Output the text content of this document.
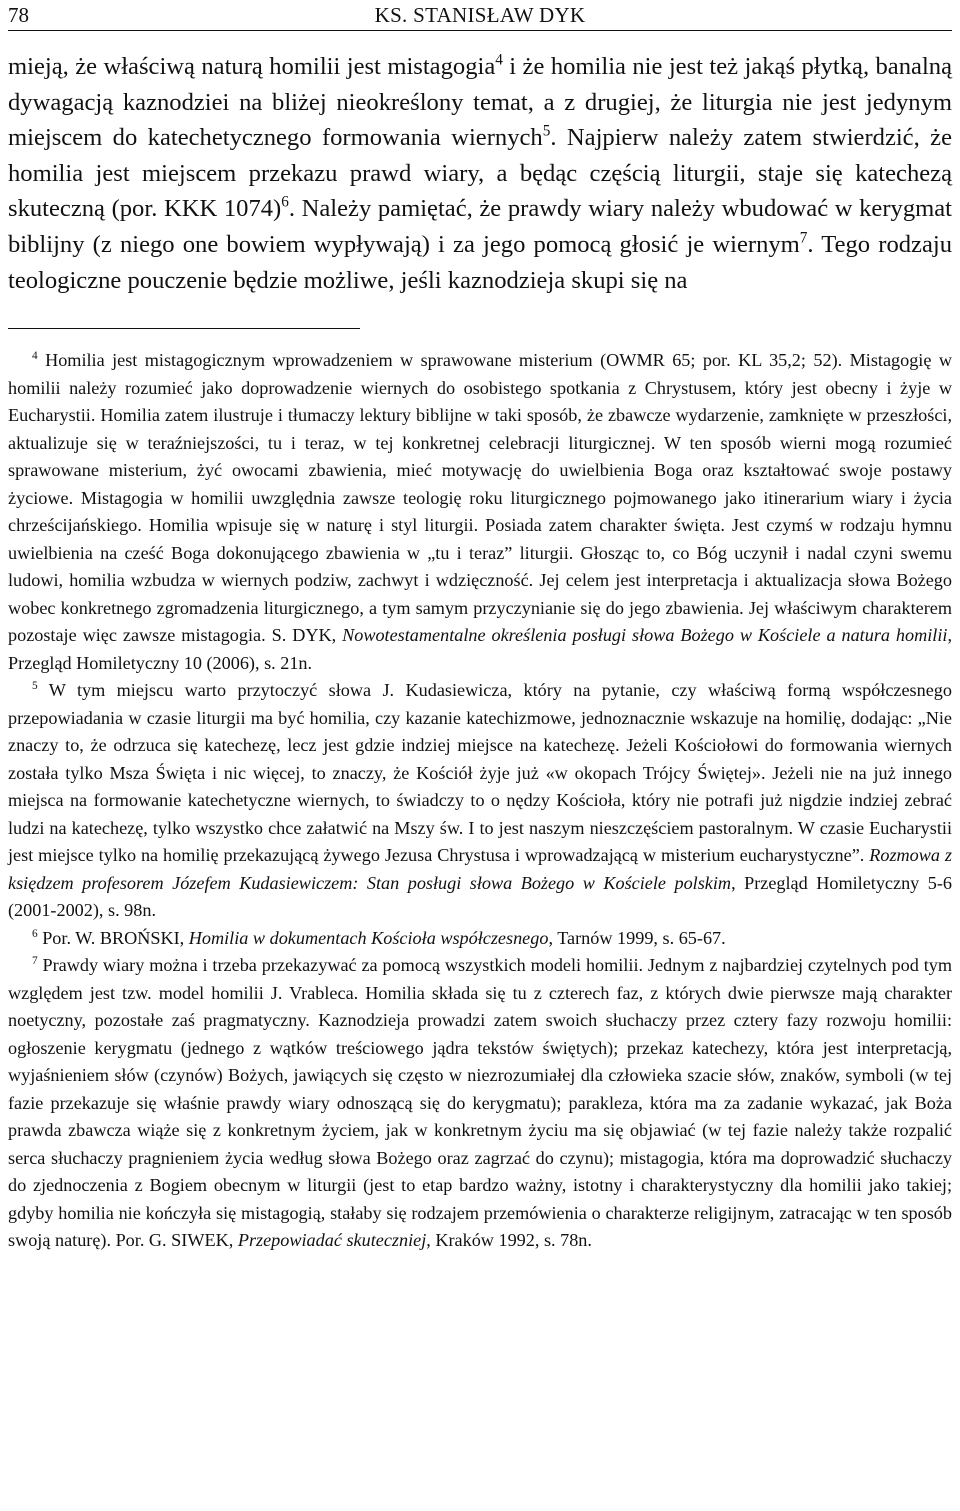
78	KS. STANISŁAW DYK

mieją, że właściwą naturą homilii jest mistagogia$^4$ i że homilia nie jest też jakąś płytką, banalną dywagacją kaznodziei na bliżej nieokreślony temat, a z drugiej, że liturgia nie jest jedynym miejscem do katechetycznego formowania wiernych$^5$. Najpierw należy zatem stwierdzić, że homilia jest miejscem przekazu prawd wiary, a będąc częścią liturgii, staje się katechezą skuteczną (por. KKK 1074)$^6$. Należy pamiętać, że prawdy wiary należy wbudować w kerygmat biblijny (z niego one bowiem wypływają) i za jego pomocą głosić je wiernym$^7$. Tego rodzaju teologiczne pouczenie będzie możliwe, jeśli kaznodzieja skupi się na

$^4$ Homilia jest mistagogicznym wprowadzeniem w sprawowane misterium (OWMR 65; por. KL 35,2; 52). Mistagogię w homilii należy rozumieć jako doprowadzenie wiernych do osobistego spotkania z Chrystusem, który jest obecny i żyje w Eucharystii. Homilia zatem ilustruje i tłumaczy lektury biblijne w taki sposób, że zbawcze wydarzenie, zamknięte w przeszłości, aktualizuje się w teraźniejszości, tu i teraz, w tej konkretnej celebracji liturgicznej. W ten sposób wierni mogą rozumieć sprawowane misterium, żyć owocami zbawienia, mieć motywację do uwielbienia Boga oraz kształtować swoje postawy życiowe. Mistagogia w homilii uwzględnia zawsze teologię roku liturgicznego pojmowanego jako itinerarium wiary i życia chrześcijańskiego. Homilia wpisuje się w naturę i styl liturgii. Posiada zatem charakter święta. Jest czymś w rodzaju hymnu uwielbienia na cześć Boga dokonującego zbawienia w „tu i teraz” liturgii. Głosząc to, co Bóg uczynił i nadal czyni swemu ludowi, homilia wzbudza w wiernych podziw, zachwyt i wdzięczność. Jej celem jest interpretacja i aktualizacja słowa Bożego wobec konkretnego zgromadzenia liturgicznego, a tym samym przyczynianie się do jego zbawienia. Jej właściwym charakterem pozostaje więc zawsze mistagogia. S. DYK, Nowotestamentalne określenia posługi słowa Bożego w Kościele a natura homilii, Przegląd Homiletyczny 10 (2006), s. 21n.

$^5$ W tym miejscu warto przytoczyć słowa J. Kudasiewicza, który na pytanie, czy właściwą formą współczesnego przepowiadania w czasie liturgii ma być homilia, czy kazanie katechizmowe, jednoznacznie wskazuje na homilię, dodając: „Nie znaczy to, że odrzuca się katechezę, lecz jest gdzie indziej miejsce na katechezę. Jeżeli Kościołowi do formowania wiernych została tylko Msza Święta i nic więcej, to znaczy, że Kościół żyje już «w okopach Trójcy Świętej». Jeżeli nie na już innego miejsca na formowanie katechetyczne wiernych, to świadczy to o nędzy Kościoła, który nie potrafi już nigdzie indziej zebrać ludzi na katechezę, tylko wszystko chce załatwić na Mszy św. I to jest naszym nieszczęściem pastoralnym. W czasie Eucharystii jest miejsce tylko na homilię przekazującą żywego Jezusa Chrystusa i wprowadzającą w misterium eucharystyczne”. Rozmowa z księdzem profesorem Józefem Kudasiewiczem: Stan posługi słowa Bożego w Kościele polskim, Przegląd Homiletyczny 5-6 (2001-2002), s. 98n.

$^6$ Por. W. BROŃSKI, Homilia w dokumentach Kościoła współczesnego, Tarnów 1999, s. 65-67.

$^7$ Prawdy wiary można i trzeba przekazywać za pomocą wszystkich modeli homilii. Jednym z najbardziej czytelnych pod tym względem jest tzw. model homilii J. Vrableca. Homilia składa się tu z czterech faz, z których dwie pierwsze mają charakter noetyczny, pozostałe zaś pragmatyczny. Kaznodzieja prowadzi zatem swoich słuchaczy przez cztery fazy rozwoju homilii: ogłoszenie kerygmatu (jednego z wątków treściowego jądra tekstów świętych); przekaz katechezy, która jest interpretacją, wyjaśnieniem słów (czynów) Bożych, jawiących się często w niezrozumiałej dla człowieka szacie słów, znaków, symboli (w tej fazie przekazuje się właśnie prawdy wiary odnoszącą się do kerygmatu); parakleza, która ma za zadanie wykazać, jak Boża prawda zbawcza wiąże się z konkretnym życiem, jak w konkretnym życiu ma się objawiać (w tej fazie należy także rozpalić serca słuchaczy pragnieniem życia według słowa Bożego oraz zagrzać do czynu); mistagogia, która ma doprowadzić słuchaczy do zjednoczenia z Bogiem obecnym w liturgii (jest to etap bardzo ważny, istotny i charakterystyczny dla homilii jako takiej; gdyby homilia nie kończyła się mistagogią, stałaby się rodzajem przemówienia o charakterze religijnym, zatracając w ten sposób swoją naturę). Por. G. SIWEK, Przepowiadać skuteczniej, Kraków 1992, s. 78n.
